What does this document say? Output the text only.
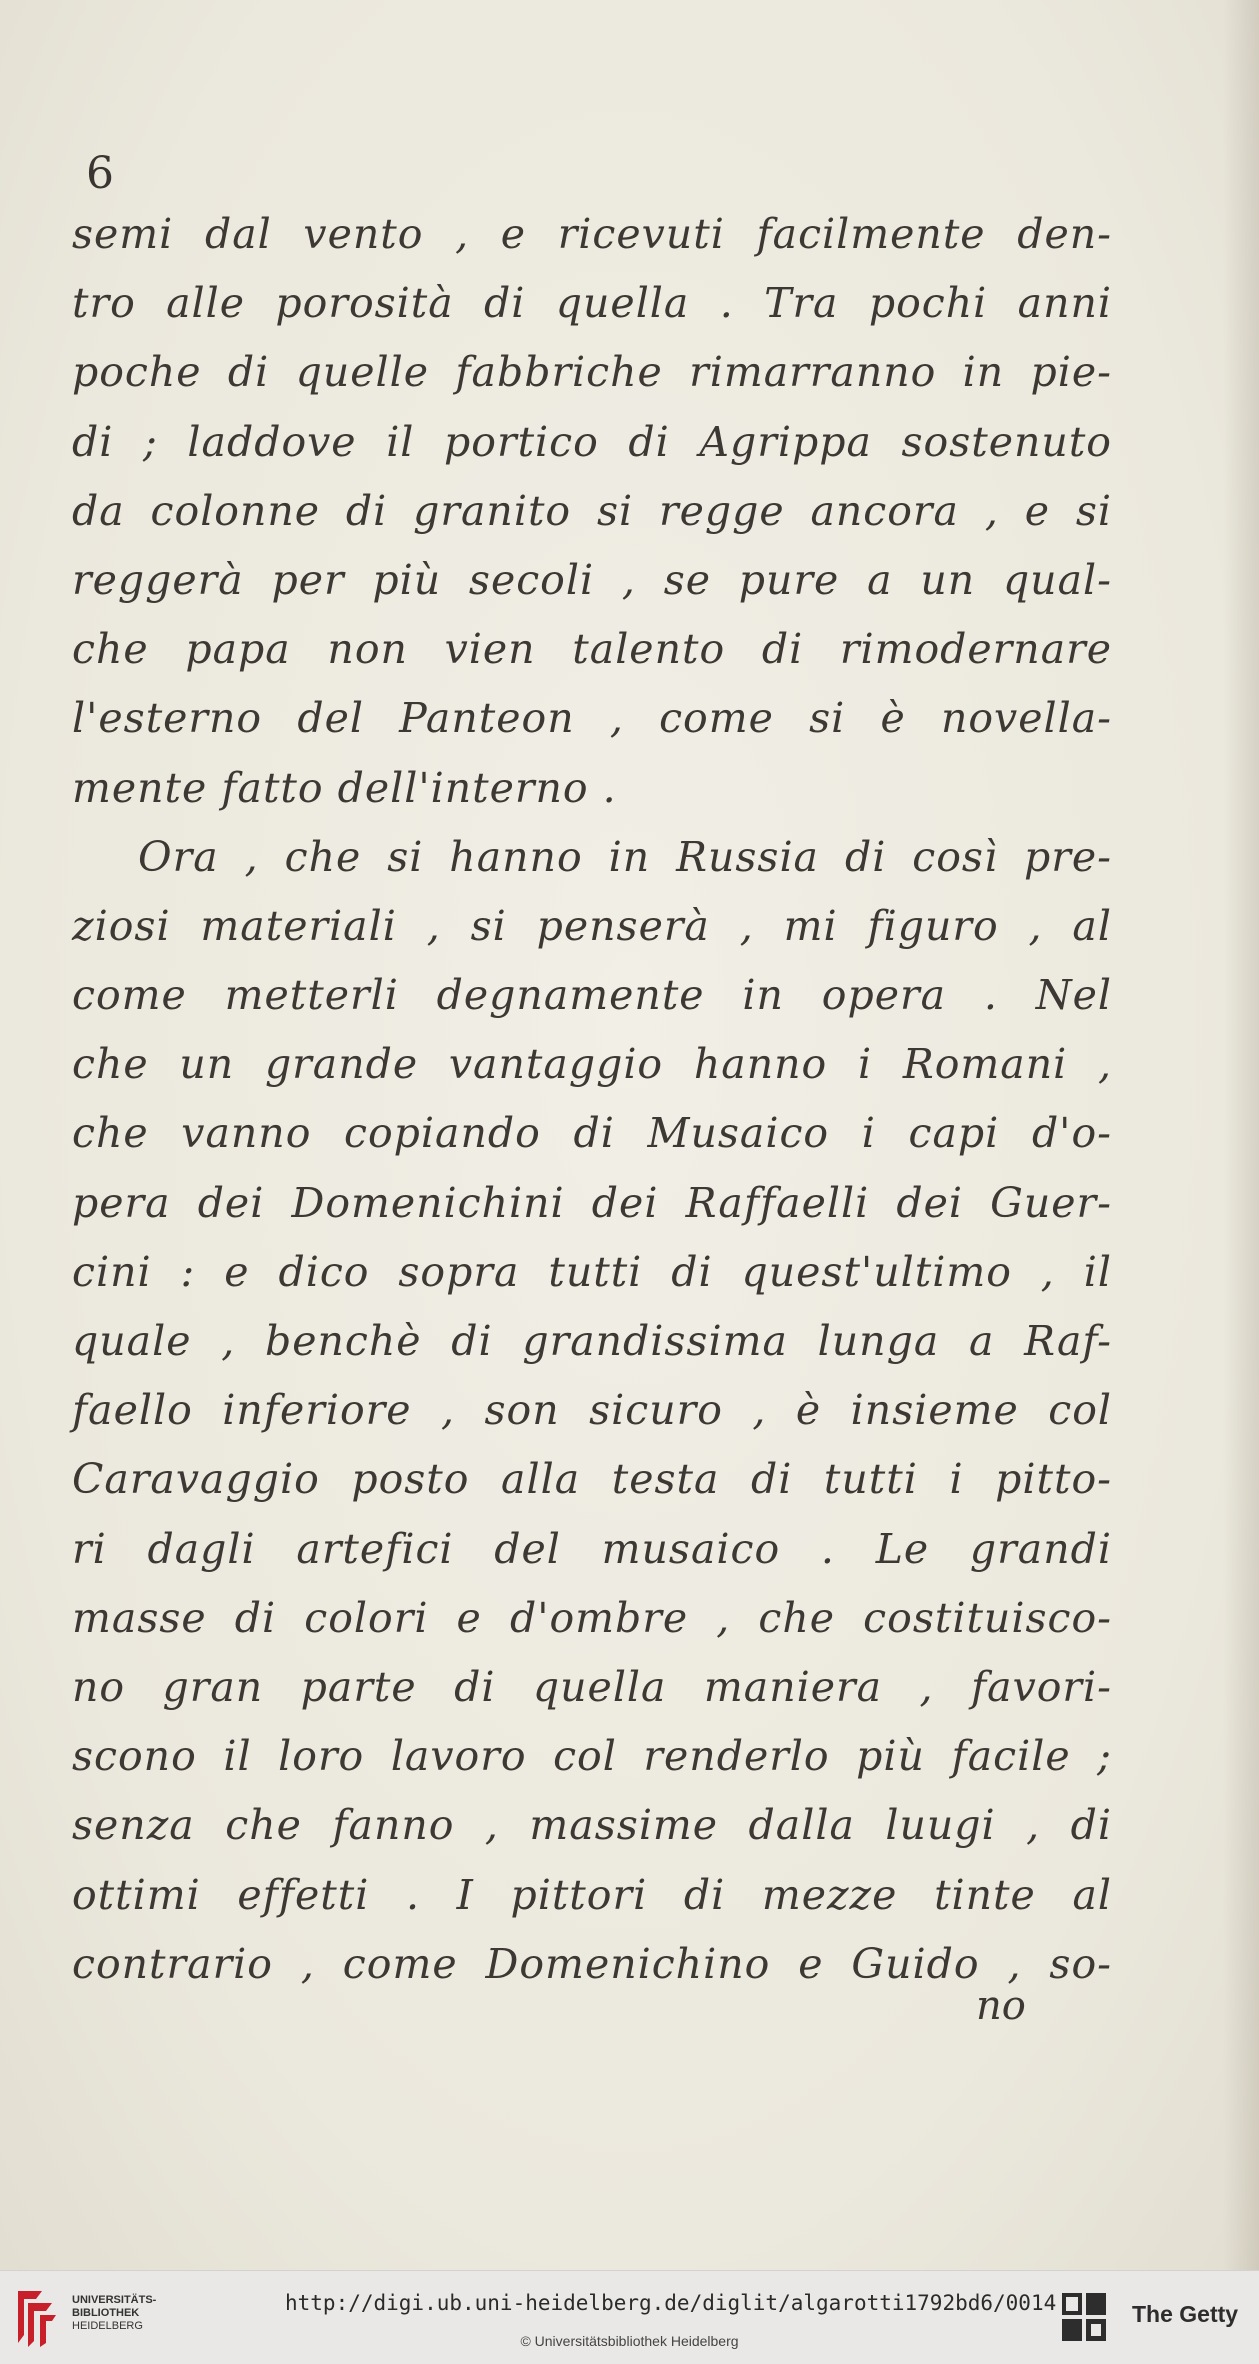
6

semi dal vento , e ricevuti facilmente den-
tro alle porosità di quella . Tra pochi anni
poche di quelle fabbriche rimarranno in pie-
di ; laddove il portico di Agrippa sostenuto
da colonne di granito si regge ancora , e si
reggerà per più secoli , se pure a un qual-
che papa non vien talento di rimodernare
l'esterno del Panteon , come si è novella-
mente fatto dell'interno .
Ora , che si hanno in Russia di così pre-
ziosi materiali , si penserà , mi figuro , al
come metterli degnamente in opera . Nel
che un grande vantaggio hanno i Romani ,
che vanno copiando di Musaico i capi d'o-
pera dei Domenichini dei Raffaelli dei Guer-
cini : e dico sopra tutti di quest'ultimo , il
quale , benchè di grandissima lunga a Raf-
faello inferiore , son sicuro , è insieme col
Caravaggio posto alla testa di tutti i pitto-
ri dagli artefici del musaico . Le grandi
masse di colori e d'ombre , che costituisco-
no gran parte di quella maniera , favori-
scono il loro lavoro col renderlo più facile ;
senza che fanno , massime dalla luugi , di
ottimi effetti . I pittori di mezze tinte al
contrario , come Domenichino e Guido , so-
no
UNIVERSITÄTS-
BIBLIOTHEK
HEIDELBERG
http://digi.ub.uni-heidelberg.de/diglit/algarotti1792bd6/0014
© Universitätsbibliothek Heidelberg
The Getty
